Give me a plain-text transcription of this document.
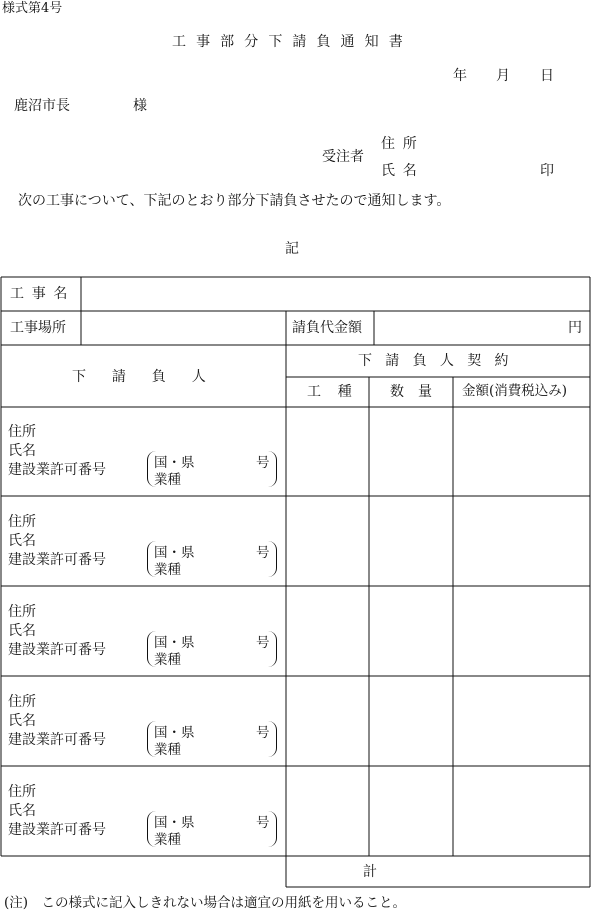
様式第4号
工事部分下請負通知書
年 月 日
鹿沼市長	様
受注者
住所
氏名	印
次の工事について、下記のとおり部分下請負させたので通知します。
記
工事名
工事場所	請負代金額	円
下請負人
下請負人契約
工種 数量 金額(消費税込み)
住所
氏名
建設業許可番号	国・県	号
業種
住所
氏名
建設業許可番号	国・県	号
業種
住所
氏名
建設業許可番号	国・県	号
業種
住所
氏名
建設業許可番号	国・県	号
業種
住所
氏名
建設業許可番号	国・県	号
業種
計
(注)　この様式に記入しきれない場合は適宜の用紙を用いること。
